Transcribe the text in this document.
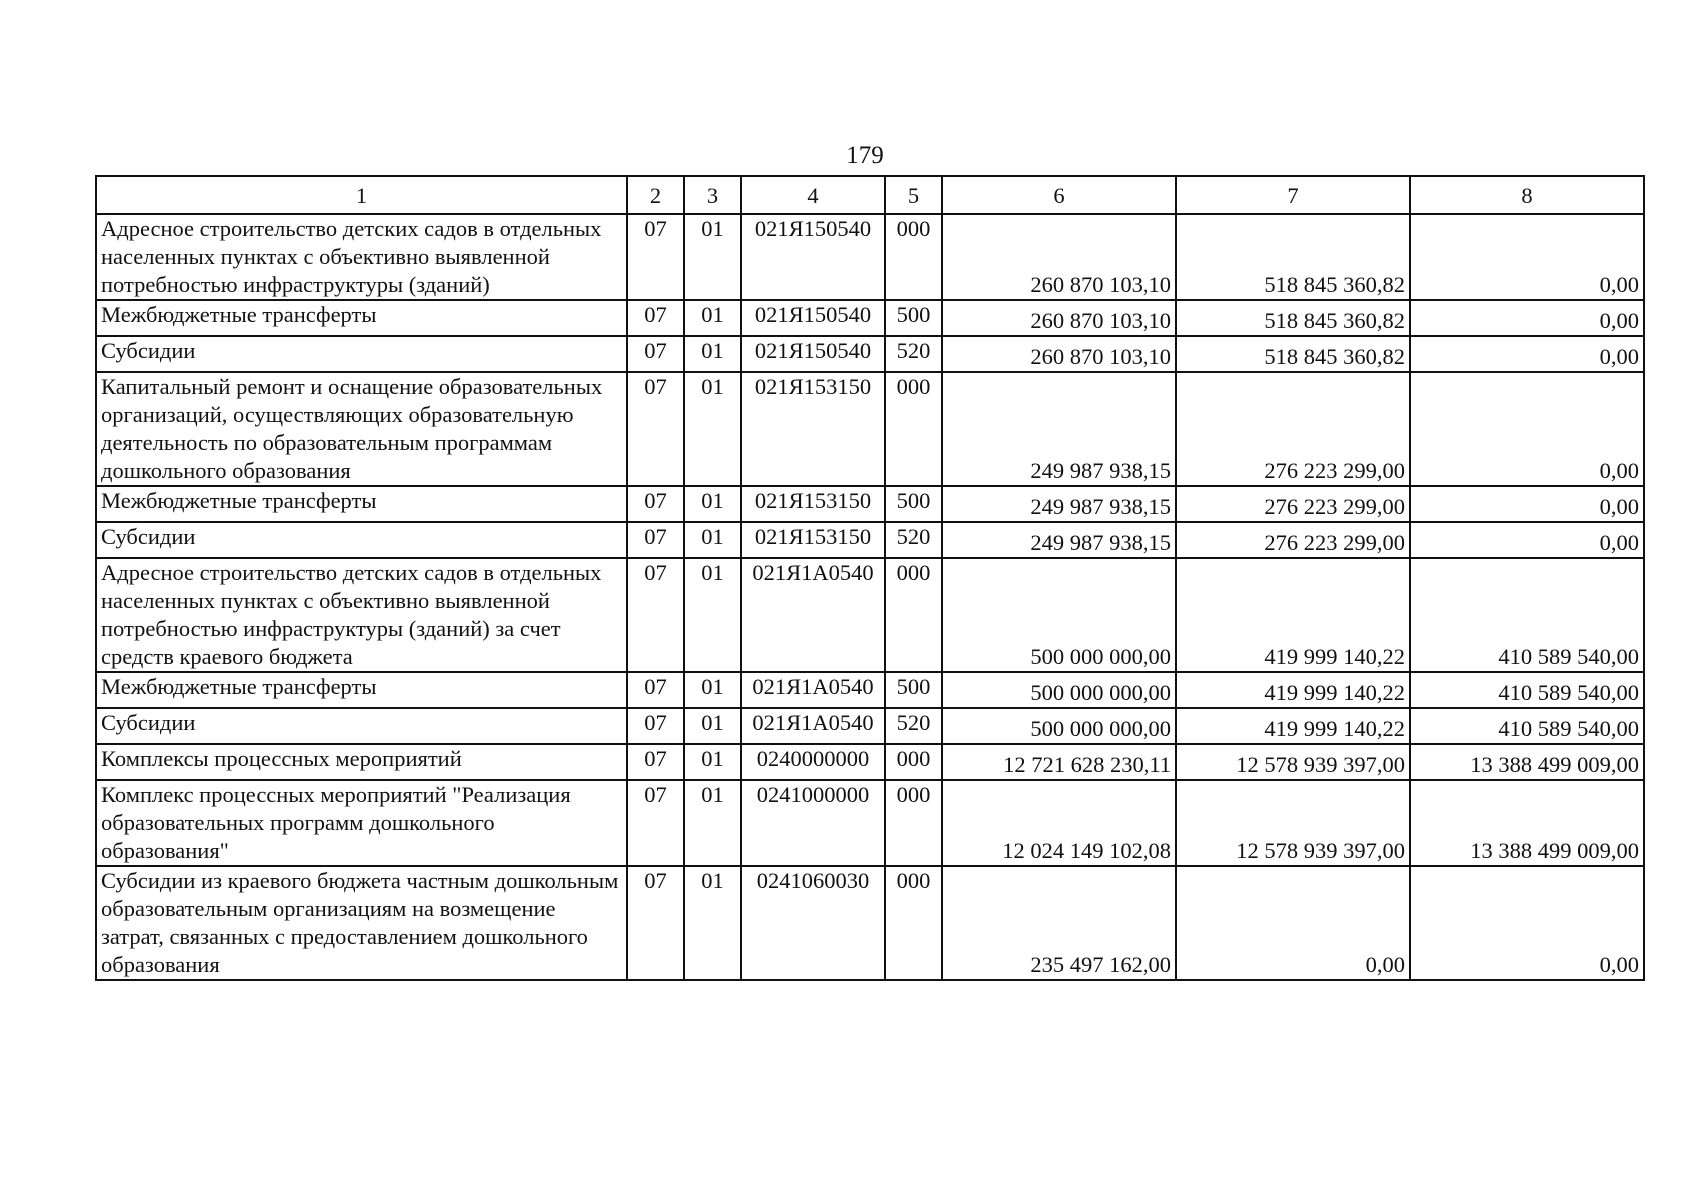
179
1	2	3	4	5	6	7	8
Адресное строительство детских садов в отдельных населенных пунктах с объективно выявленной потребностью инфраструктуры (зданий)	07	01	021Я150540	000	260 870 103,10	518 845 360,82	0,00
Межбюджетные трансферты	07	01	021Я150540	500	260 870 103,10	518 845 360,82	0,00
Субсидии	07	01	021Я150540	520	260 870 103,10	518 845 360,82	0,00
Капитальный ремонт и оснащение образовательных организаций, осуществляющих образовательную деятельность по образовательным программам дошкольного образования	07	01	021Я153150	000	249 987 938,15	276 223 299,00	0,00
Межбюджетные трансферты	07	01	021Я153150	500	249 987 938,15	276 223 299,00	0,00
Субсидии	07	01	021Я153150	520	249 987 938,15	276 223 299,00	0,00
Адресное строительство детских садов в отдельных населенных пунктах с объективно выявленной потребностью инфраструктуры (зданий) за счет средств краевого бюджета	07	01	021Я1А0540	000	500 000 000,00	419 999 140,22	410 589 540,00
Межбюджетные трансферты	07	01	021Я1А0540	500	500 000 000,00	419 999 140,22	410 589 540,00
Субсидии	07	01	021Я1А0540	520	500 000 000,00	419 999 140,22	410 589 540,00
Комплексы процессных мероприятий	07	01	0240000000	000	12 721 628 230,11	12 578 939 397,00	13 388 499 009,00
Комплекс процессных мероприятий "Реализация образовательных программ дошкольного образования"	07	01	0241000000	000	12 024 149 102,08	12 578 939 397,00	13 388 499 009,00
Субсидии из краевого бюджета частным дошкольным образовательным организациям на возмещение затрат, связанных с предоставлением дошкольного образования	07	01	0241060030	000	235 497 162,00	0,00	0,00
